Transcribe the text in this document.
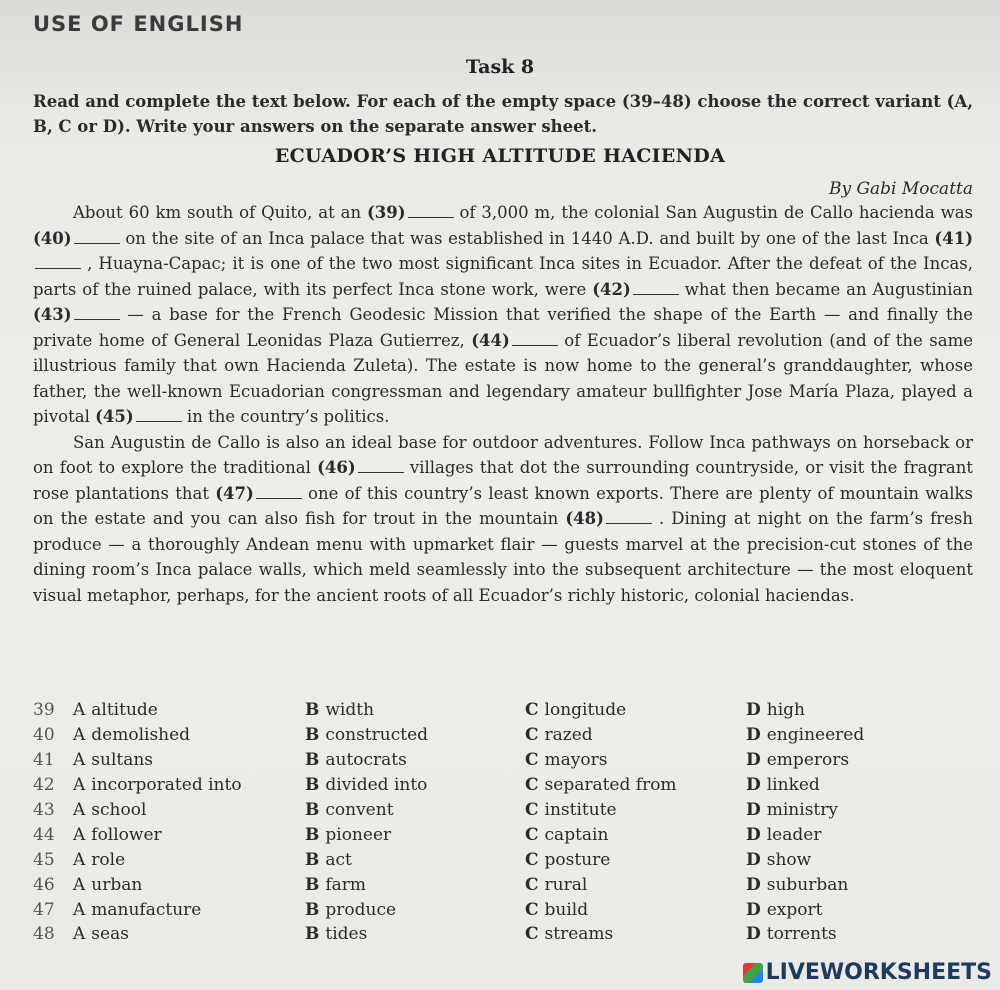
USE OF ENGLISH
Task 8
Read and complete the text below. For each of the empty space (39–48) choose the correct variant (A, B, C or D). Write your answers on the separate answer sheet.
ECUADOR’S HIGH ALTITUDE HACIENDA
By Gabi Mocatta

About 60 km south of Quito, at an (39)	of 3,000 m, the colonial San Augustin de Callo hacienda was (40)	on the site of an Inca palace that was established in 1440 A.D. and built by one of the last Inca (41) , Huayna-Capac; it is one of the two most significant Inca sites in Ecuador. After the defeat of the Incas, parts of the ruined palace, with its perfect Inca stone work, were (42)	what then became an Augustinian (43)	— a base for the French Geodesic Mission that verified the shape of the Earth — and finally the private home of General Leonidas Plaza Gutierrez, (44)	of Ecuador’s liberal revolution (and of the same illustrious family that own Hacienda Zuleta). The estate is now home to the general’s granddaughter, whose father, the well-known Ecuadorian congressman and legendary amateur bullfighter Jose María Plaza, played a pivotal (45)	in the country’s politics.

San Augustin de Callo is also an ideal base for outdoor adventures. Follow Inca pathways on horseback or on foot to explore the traditional (46)	villages that dot the surrounding countryside, or visit the fragrant rose plantations that (47)	one of this country’s least known exports. There are plenty of mountain walks on the estate and you can also fish for trout in the mountain (48)	. Dining at night on the farm’s fresh produce — a thoroughly Andean menu with upmarket flair — guests marvel at the precision-cut stones of the dining room’s Inca palace walls, which meld seamlessly into the subsequent architecture — the most eloquent visual metaphor, perhaps, for the ancient roots of all Ecuador’s richly historic, colonial haciendas.

39	A altitude	B width	C longitude	D high
40	A demolished	B constructed	C razed	D engineered
41	A sultans	B autocrats	C mayors	D emperors
42	A incorporated into	B divided into	C separated from	D linked
43	A school	B convent	C institute	D ministry
44	A follower	B pioneer	C captain	D leader
45	A role	B act	C posture	D show
46	A urban	B farm	C rural	D suburban
47	A manufacture	B produce	C build	D export
48	A seas	B tides	C streams	D torrents
LIVEWORKSHEETS
